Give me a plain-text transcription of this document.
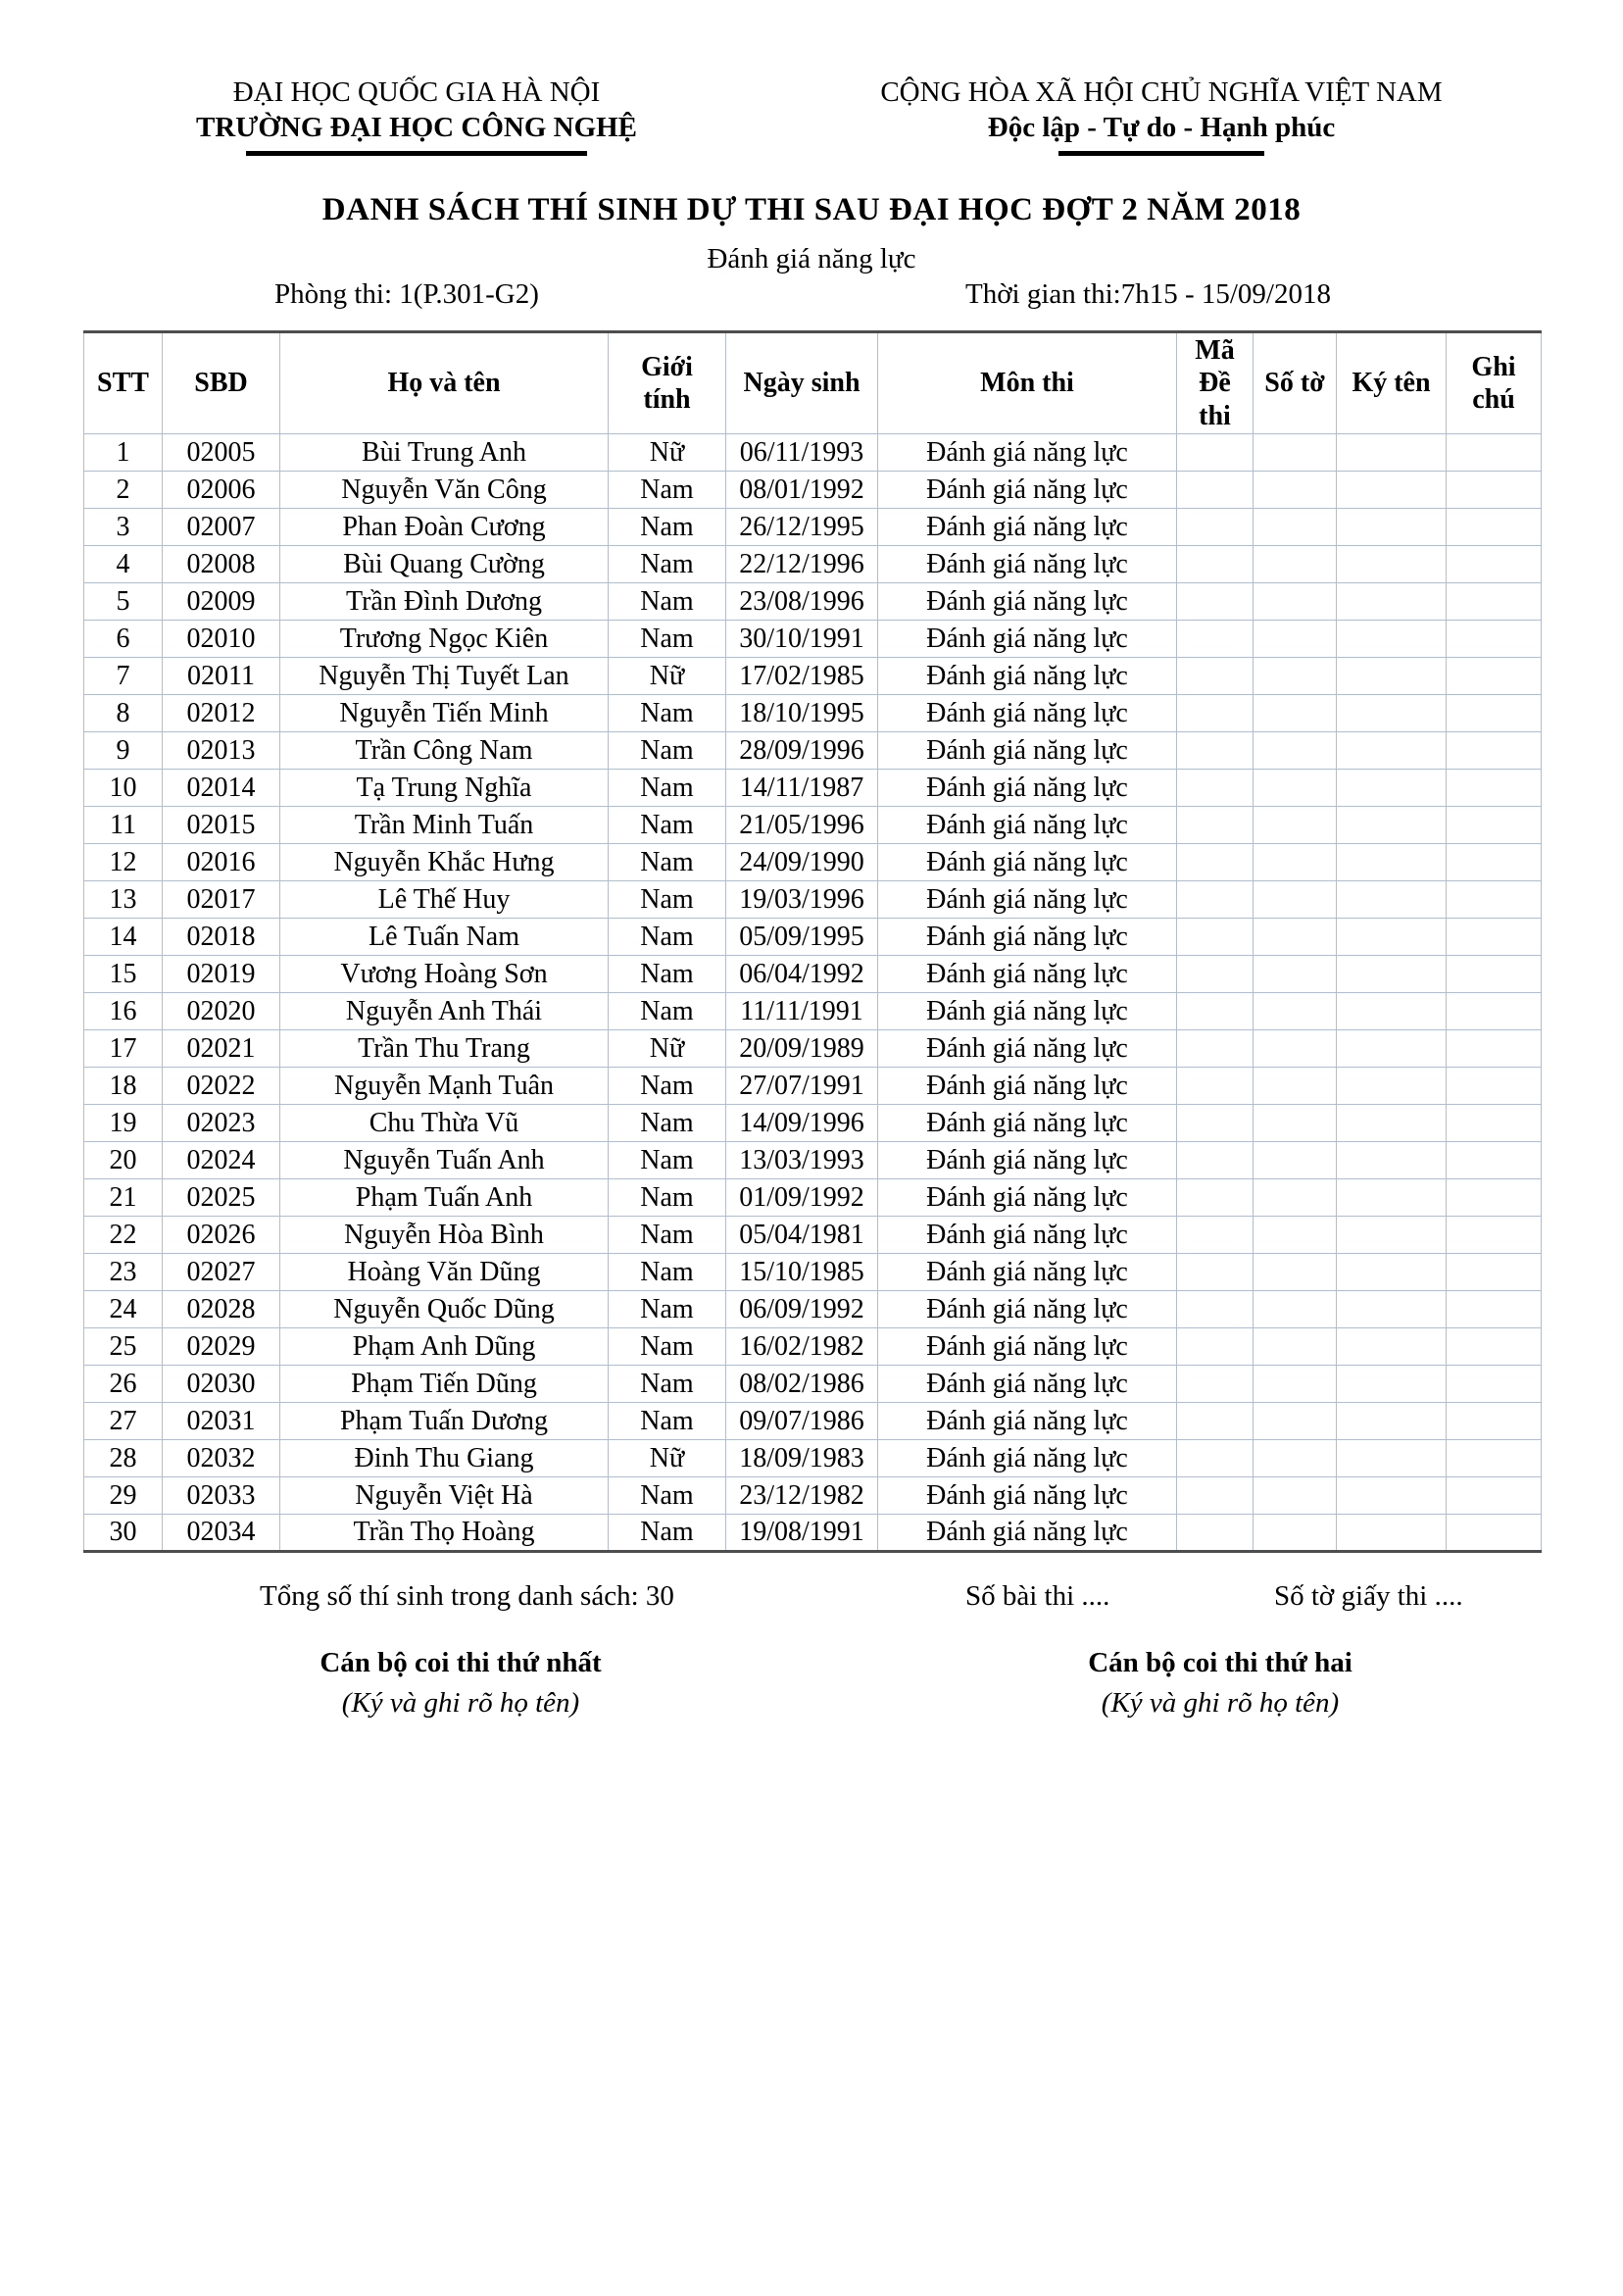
ĐẠI HỌC QUỐC GIA HÀ NỘI
TRƯỜNG ĐẠI HỌC CÔNG NGHỆ
CỘNG HÒA XÃ HỘI CHỦ NGHĨA VIỆT NAM
Độc lập - Tự do - Hạnh phúc
DANH SÁCH THÍ SINH DỰ THI SAU ĐẠI HỌC ĐỢT 2 NĂM 2018
Đánh giá năng lực
Phòng thi: 1(P.301-G2)	Thời gian thi:7h15 - 15/09/2018
STT	SBD	Họ và tên	Giới tính	Ngày sinh	Môn thi	Mã Đề thi	Số tờ	Ký tên	Ghi chú
1	02005	Bùi Trung Anh	Nữ	06/11/1993	Đánh giá năng lực				
2	02006	Nguyễn Văn Công	Nam	08/01/1992	Đánh giá năng lực				
3	02007	Phan Đoàn Cương	Nam	26/12/1995	Đánh giá năng lực				
4	02008	Bùi Quang Cường	Nam	22/12/1996	Đánh giá năng lực				
5	02009	Trần Đình Dương	Nam	23/08/1996	Đánh giá năng lực				
6	02010	Trương Ngọc Kiên	Nam	30/10/1991	Đánh giá năng lực				
7	02011	Nguyễn Thị Tuyết Lan	Nữ	17/02/1985	Đánh giá năng lực				
8	02012	Nguyễn Tiến Minh	Nam	18/10/1995	Đánh giá năng lực				
9	02013	Trần Công Nam	Nam	28/09/1996	Đánh giá năng lực				
10	02014	Tạ Trung Nghĩa	Nam	14/11/1987	Đánh giá năng lực				
11	02015	Trần Minh Tuấn	Nam	21/05/1996	Đánh giá năng lực				
12	02016	Nguyễn Khắc Hưng	Nam	24/09/1990	Đánh giá năng lực				
13	02017	Lê Thế Huy	Nam	19/03/1996	Đánh giá năng lực				
14	02018	Lê Tuấn Nam	Nam	05/09/1995	Đánh giá năng lực				
15	02019	Vương Hoàng Sơn	Nam	06/04/1992	Đánh giá năng lực				
16	02020	Nguyễn Anh Thái	Nam	11/11/1991	Đánh giá năng lực				
17	02021	Trần Thu Trang	Nữ	20/09/1989	Đánh giá năng lực				
18	02022	Nguyễn Mạnh Tuân	Nam	27/07/1991	Đánh giá năng lực				
19	02023	Chu Thừa Vũ	Nam	14/09/1996	Đánh giá năng lực				
20	02024	Nguyễn Tuấn Anh	Nam	13/03/1993	Đánh giá năng lực				
21	02025	Phạm Tuấn Anh	Nam	01/09/1992	Đánh giá năng lực				
22	02026	Nguyễn Hòa Bình	Nam	05/04/1981	Đánh giá năng lực				
23	02027	Hoàng Văn Dũng	Nam	15/10/1985	Đánh giá năng lực				
24	02028	Nguyễn Quốc Dũng	Nam	06/09/1992	Đánh giá năng lực				
25	02029	Phạm Anh Dũng	Nam	16/02/1982	Đánh giá năng lực				
26	02030	Phạm Tiến Dũng	Nam	08/02/1986	Đánh giá năng lực				
27	02031	Phạm Tuấn Dương	Nam	09/07/1986	Đánh giá năng lực				
28	02032	Đinh Thu Giang	Nữ	18/09/1983	Đánh giá năng lực				
29	02033	Nguyễn Việt Hà	Nam	23/12/1982	Đánh giá năng lực				
30	02034	Trần Thọ Hoàng	Nam	19/08/1991	Đánh giá năng lực				
Tổng số thí sinh trong danh sách: 30	Số bài thi ....	Số tờ giấy thi ....
Cán bộ coi thi thứ nhất
(Ký và ghi rõ họ tên)
Cán bộ coi thi thứ hai
(Ký và ghi rõ họ tên)
